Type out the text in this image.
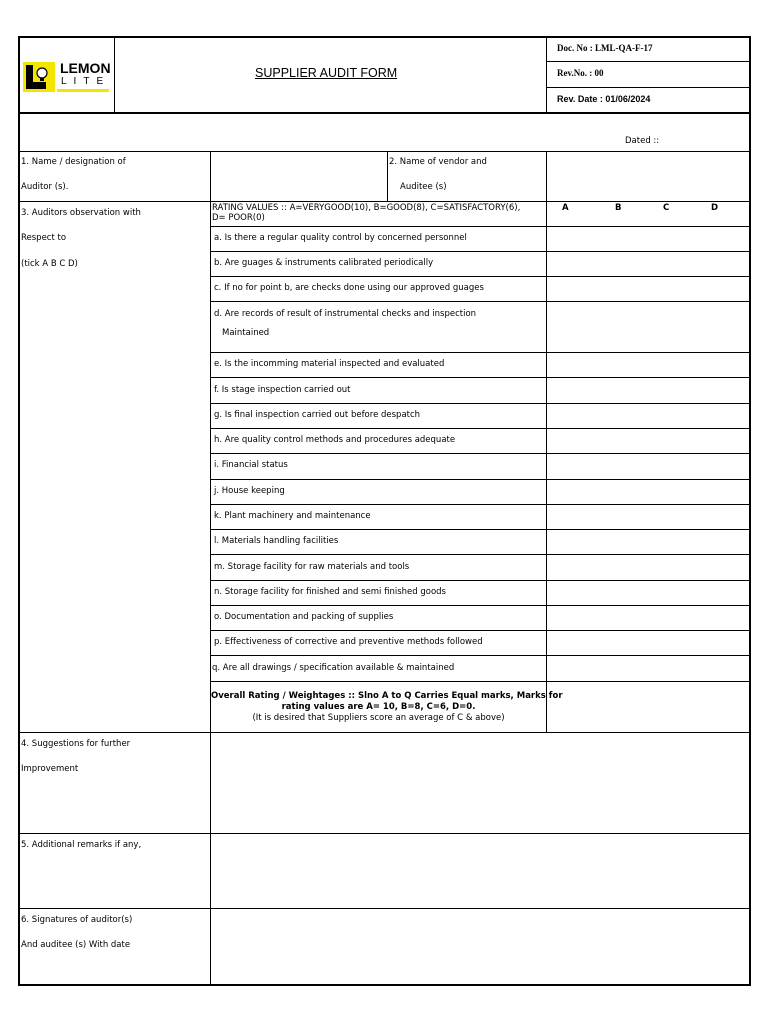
LEMON
LITE
SUPPLIER AUDIT FORM
Doc. No : LML-QA-F-17
Rev.No. : 00
Rev. Date : 01/06/2024
Dated ::
1. Name / designation of
Auditor (s).
2. Name of vendor and
Auditee (s)
3. Auditors observation with
Respect to
(tick A B C D)
RATING VALUES :: A=VERYGOOD(10), B=GOOD(8), C=SATISFACTORY(6), D= POOR(0)
A	B	C	D
a. Is there a regular quality control by concerned personnel
b. Are guages & instruments calibrated periodically
c. If no for point b, are checks done using our approved guages
d. Are records of result of instrumental checks and inspection
Maintained
e. Is the incomming material inspected and evaluated
f. Is stage inspection carried out
g. Is final inspection carried out before despatch
h. Are quality control methods and procedures adequate
i. Financial status
j. House keeping
k. Plant machinery and maintenance
l. Materials handling facilities
m. Storage facility for raw materials and tools
n. Storage facility for finished and semi finished goods
o. Documentation and packing of supplies
p. Effectiveness of corrective and preventive methods followed
q. Are all drawings / specification available & maintained
Overall Rating / Weightages :: Slno A to Q Carries Equal marks, Marks for
rating values are A= 10, B=8, C=6, D=0.
(It is desired that Suppliers score an average of C & above)
4. Suggestions for further
Improvement
5. Additional remarks if any,
6. Signatures of auditor(s)
And auditee (s) With date
